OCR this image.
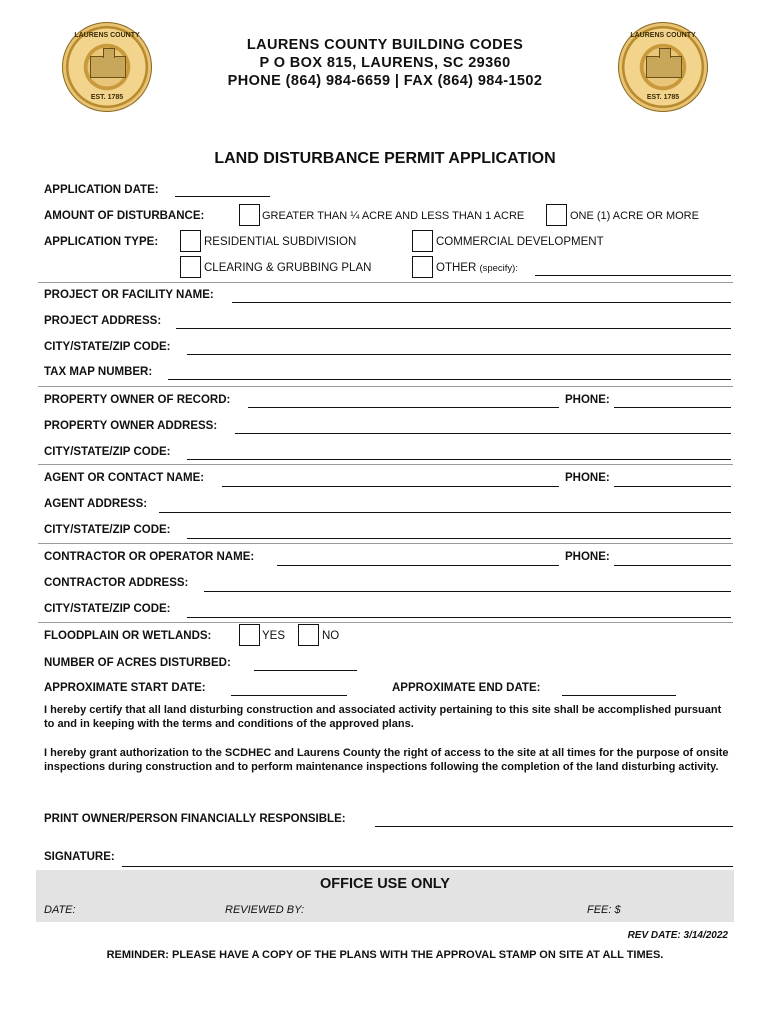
LAURENS COUNTY
EST. 1785
LAURENS COUNTY
EST. 1785
LAURENS COUNTY BUILDING CODES
P O BOX 815, LAURENS, SC 29360
PHONE (864) 984-6659 | FAX (864) 984-1502
LAND DISTURBANCE PERMIT APPLICATION
APPLICATION DATE:
AMOUNT OF DISTURBANCE:	GREATER THAN ¼ ACRE AND LESS THAN 1 ACRE	ONE (1) ACRE OR MORE
APPLICATION TYPE:	RESIDENTIAL SUBDIVISION	COMMERCIAL DEVELOPMENT
CLEARING & GRUBBING PLAN	OTHER (specify):
PROJECT OR FACILITY NAME:
PROJECT ADDRESS:
CITY/STATE/ZIP CODE:
TAX MAP NUMBER:
PROPERTY OWNER OF RECORD:	PHONE:
PROPERTY OWNER ADDRESS:
CITY/STATE/ZIP CODE:
AGENT OR CONTACT NAME:	PHONE:
AGENT ADDRESS:
CITY/STATE/ZIP CODE:
CONTRACTOR OR OPERATOR NAME:	PHONE:
CONTRACTOR ADDRESS:
CITY/STATE/ZIP CODE:
FLOODPLAIN OR WETLANDS:	YES	NO
NUMBER OF ACRES DISTURBED:
APPROXIMATE START DATE:	APPROXIMATE END DATE:
I hereby certify that all land disturbing construction and associated activity pertaining to this site shall be accomplished pursuant to and in keeping with the terms and conditions of the approved plans.
I hereby grant authorization to the SCDHEC and Laurens County the right of access to the site at all times for the purpose of onsite inspections during construction and to perform maintenance inspections following the completion of the land disturbing activity.
PRINT OWNER/PERSON FINANCIALLY RESPONSIBLE:
SIGNATURE:
OFFICE USE ONLY
DATE:	REVIEWED BY:	FEE: $
REV DATE: 3/14/2022
REMINDER: PLEASE HAVE A COPY OF THE PLANS WITH THE APPROVAL STAMP ON SITE AT ALL TIMES.
